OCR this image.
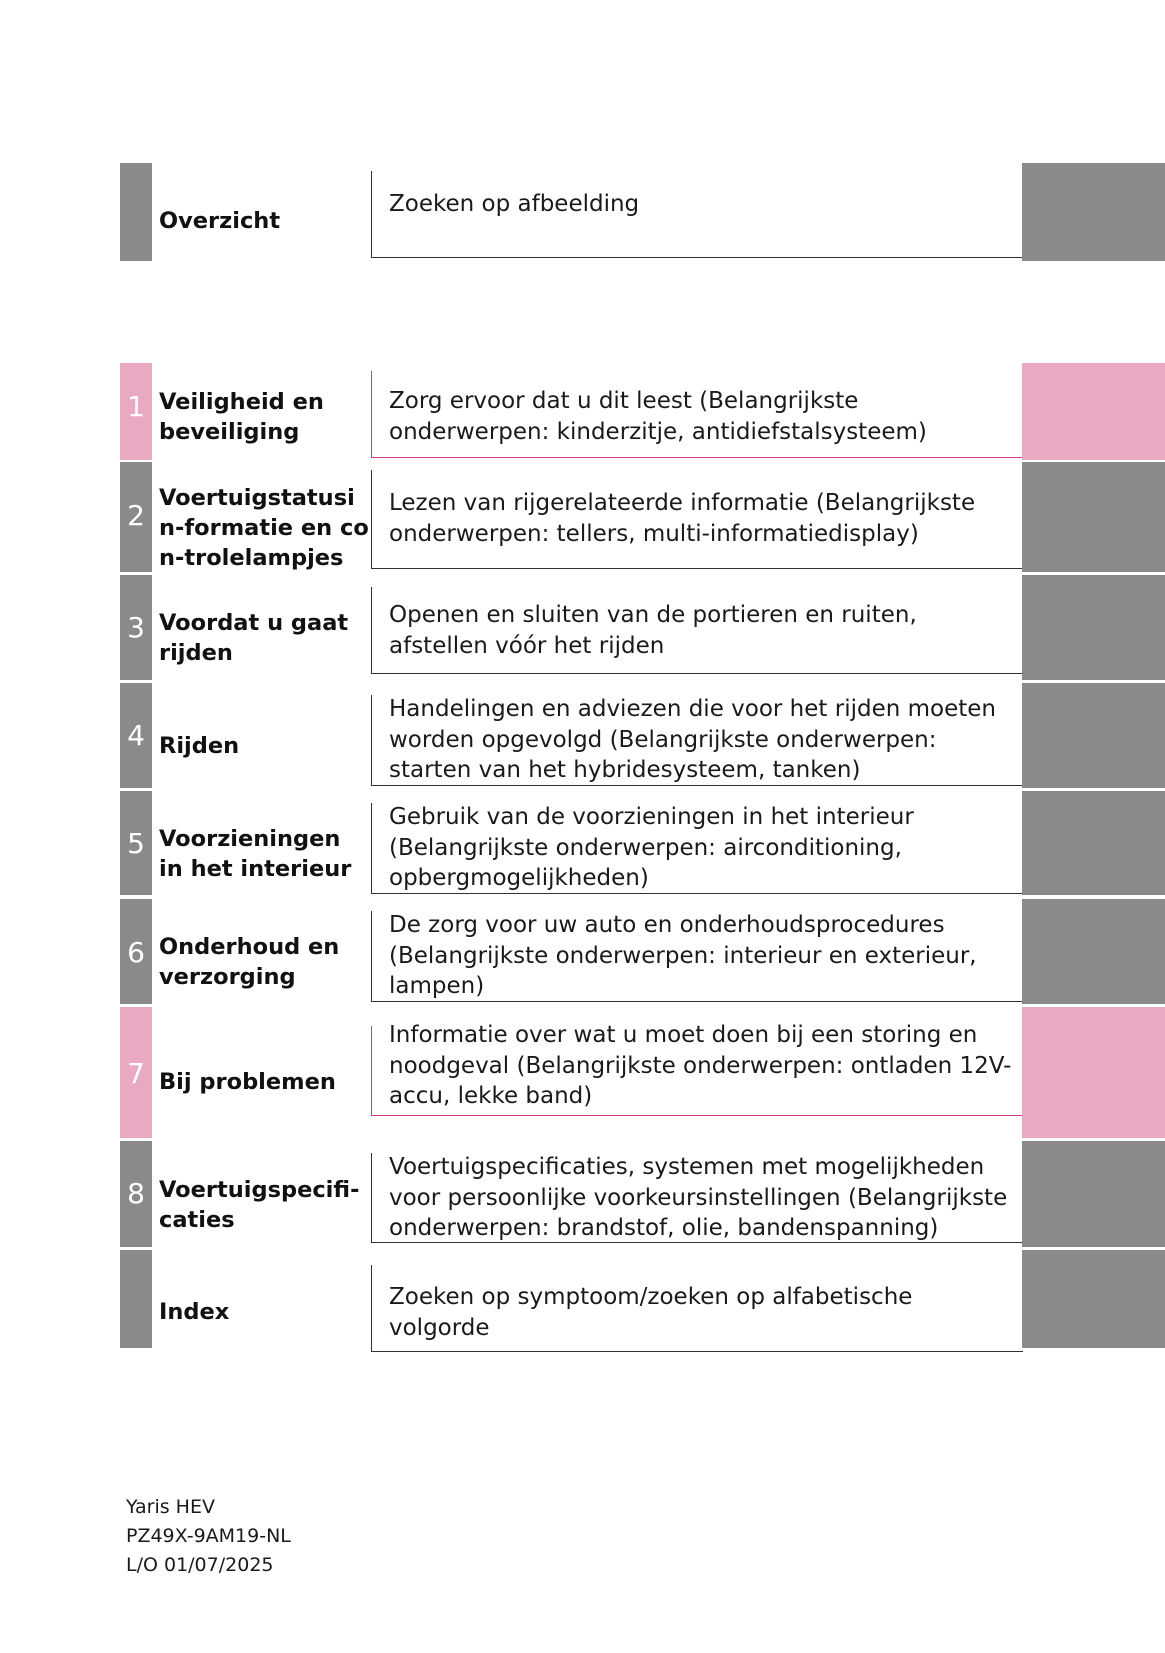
Overzicht
Zoeken op afbeelding
1 Veiligheid en beveiliging
Zorg ervoor dat u dit leest (Belangrijkste onderwerpen: kinderzitje, antidiefstalsysteem)
2
Voertuigstatusin-formatie en con-trolelampjes
Lezen van rijgerelateerde informatie (Belangrijkste onderwerpen: tellers, multi-informatiedisplay)
3 Voordat u gaat rijden
Openen en sluiten van de portieren en ruiten, afstellen vóór het rijden
4 Rijden
Handelingen en adviezen die voor het rijden moeten worden opgevolgd (Belangrijkste onderwerpen: starten van het hybridesysteem, tanken)
5 Voorzieningen in het interieur
Gebruik van de voorzieningen in het interieur (Belangrijkste onderwerpen: airconditioning, opbergmogelijkheden)
6 Onderhoud en verzorging
De zorg voor uw auto en onderhoudsprocedures (Belangrijkste onderwerpen: interieur en exterieur, lampen)
7 Bij problemen
Informatie over wat u moet doen bij een storing en noodgeval (Belangrijkste onderwerpen: ontladen 12V-accu, lekke band)
8 Voertuigspecifi-caties
Voertuigspecificaties, systemen met mogelijkheden voor persoonlijke voorkeursinstellingen (Belangrijkste onderwerpen: brandstof, olie, bandenspanning)
Index
Zoeken op symptoom/zoeken op alfabetische volgorde
Yaris HEV
PZ49X-9AM19-NL
L/O 01/07/2025
